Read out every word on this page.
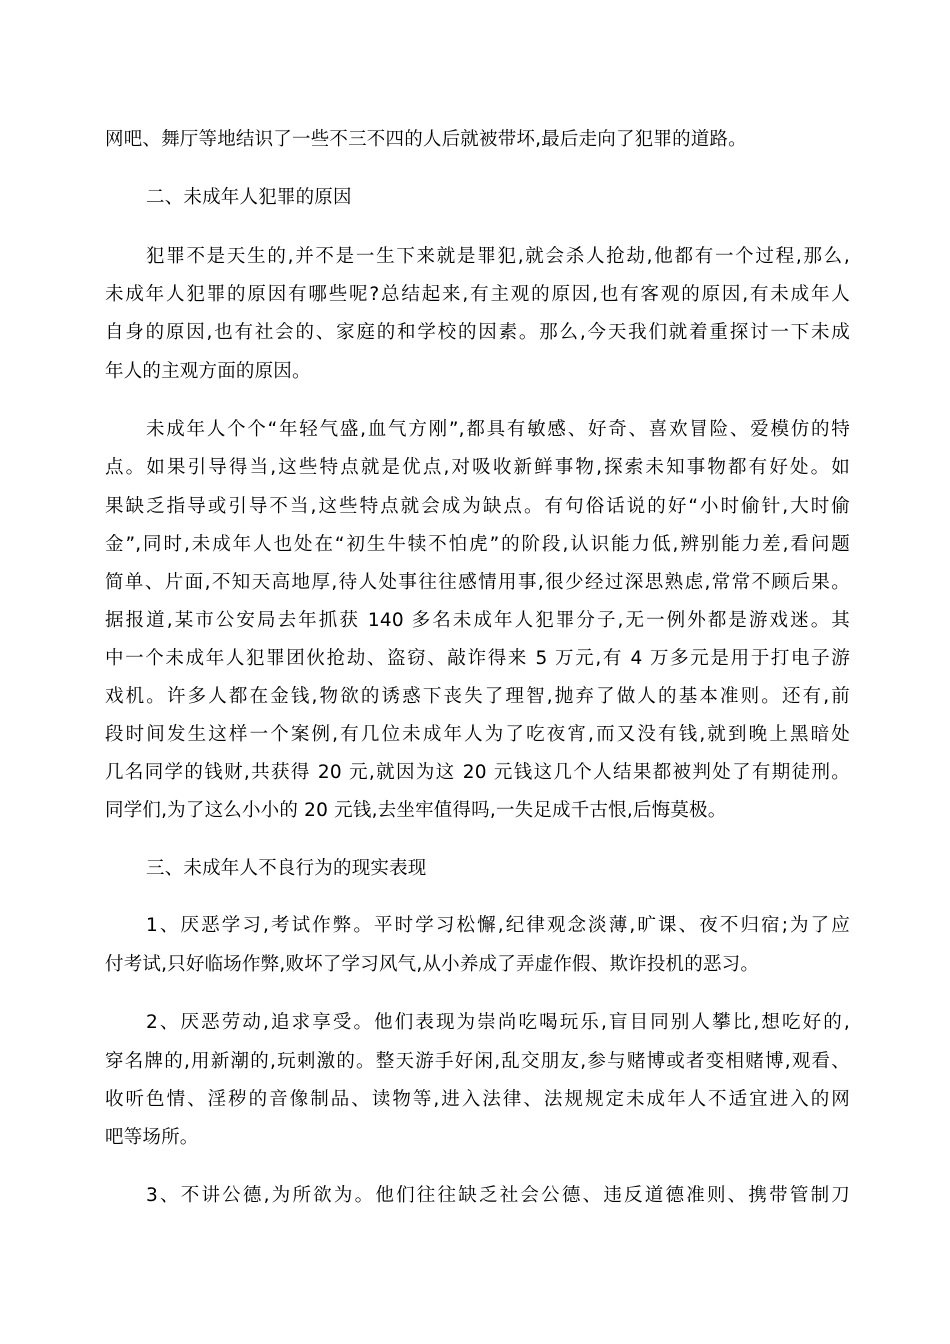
网吧、舞厅等地结识了一些不三不四的人后就被带坏,最后走向了犯罪的道路。
二、未成年人犯罪的原因
犯罪不是天生的,并不是一生下来就是罪犯,就会杀人抢劫,他都有一个过程,那么,
未成年人犯罪的原因有哪些呢?总结起来,有主观的原因,也有客观的原因,有未成年人
自身的原因,也有社会的、家庭的和学校的因素。那么,今天我们就着重探讨一下未成
年人的主观方面的原因。
未成年人个个“年轻气盛,血气方刚”,都具有敏感、好奇、喜欢冒险、爱模仿的特
点。如果引导得当,这些特点就是优点,对吸收新鲜事物,探索未知事物都有好处。如
果缺乏指导或引导不当,这些特点就会成为缺点。有句俗话说的好“小时偷针,大时偷
金”,同时,未成年人也处在“初生牛犊不怕虎”的阶段,认识能力低,辨别能力差,看问题
简单、片面,不知天高地厚,待人处事往往感情用事,很少经过深思熟虑,常常不顾后果。
据报道,某市公安局去年抓获 140 多名未成年人犯罪分子,无一例外都是游戏迷。其
中一个未成年人犯罪团伙抢劫、盗窃、敲诈得来 5 万元,有 4 万多元是用于打电子游
戏机。许多人都在金钱,物欲的诱惑下丧失了理智,抛弃了做人的基本准则。还有,前
段时间发生这样一个案例,有几位未成年人为了吃夜宵,而又没有钱,就到晚上黑暗处
几名同学的钱财,共获得 20 元,就因为这 20 元钱这几个人结果都被判处了有期徒刑。
同学们,为了这么小小的 20 元钱,去坐牢值得吗,一失足成千古恨,后悔莫极。
三、未成年人不良行为的现实表现
1、厌恶学习,考试作弊。平时学习松懈,纪律观念淡薄,旷课、夜不归宿;为了应
付考试,只好临场作弊,败坏了学习风气,从小养成了弄虚作假、欺诈投机的恶习。
2、厌恶劳动,追求享受。他们表现为崇尚吃喝玩乐,盲目同别人攀比,想吃好的,
穿名牌的,用新潮的,玩刺激的。整天游手好闲,乱交朋友,参与赌博或者变相赌博,观看、
收听色情、淫秽的音像制品、读物等,进入法律、法规规定未成年人不适宜进入的网
吧等场所。
3、不讲公德,为所欲为。他们往往缺乏社会公德、违反道德准则、携带管制刀
